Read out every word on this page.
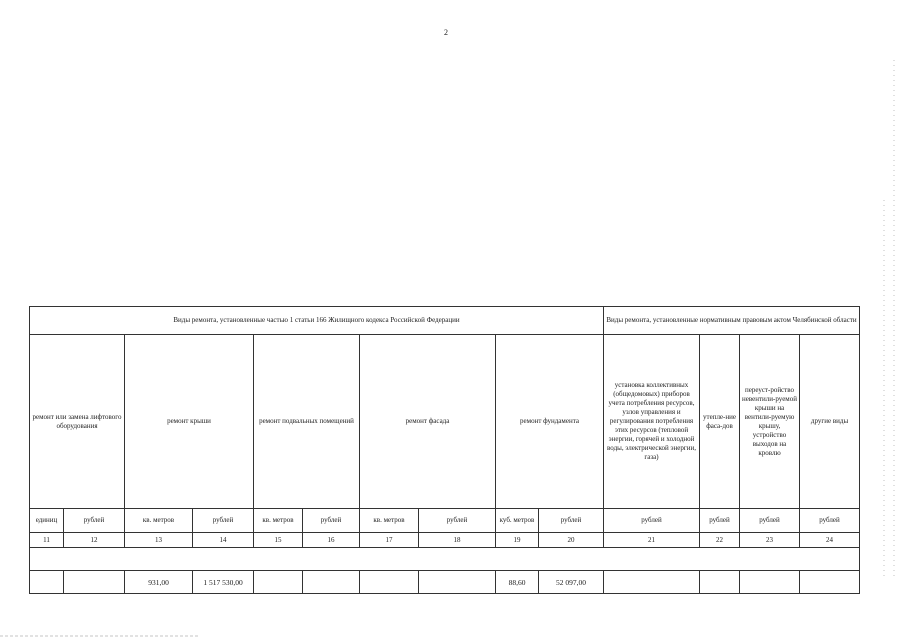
2
Виды ремонта, установленные частью 1 статьи 166 Жилищного кодекса Российской Федерации										Виды ремонта, установленные нормативным правовым актом Челябинской области			
ремонт или замена лифтового оборудования		ремонт крыши		ремонт подвальных помещений		ремонт фасада		ремонт фундамента		установка коллективных (общедомовых) приборов учета потребления ресурсов, узлов управления и регулирования потребления этих ресурсов (тепловой энергии, горячей и холодной воды, электрической энергии, газа)	утепле-ние фаса-дов	переуст-ройство невентили-руемой крыши на вентили-руемую крышу, устройство выходов на кровлю	другие виды
единиц	рублей	кв. метров	рублей	кв. метров	рублей	кв. метров	рублей	куб. метров	рублей	рублей	рублей	рублей	рублей
11	12	13	14	15	16	17	18	19	20	21	22	23	24

		931,00	1 517 530,00					88,60	52 097,00				
